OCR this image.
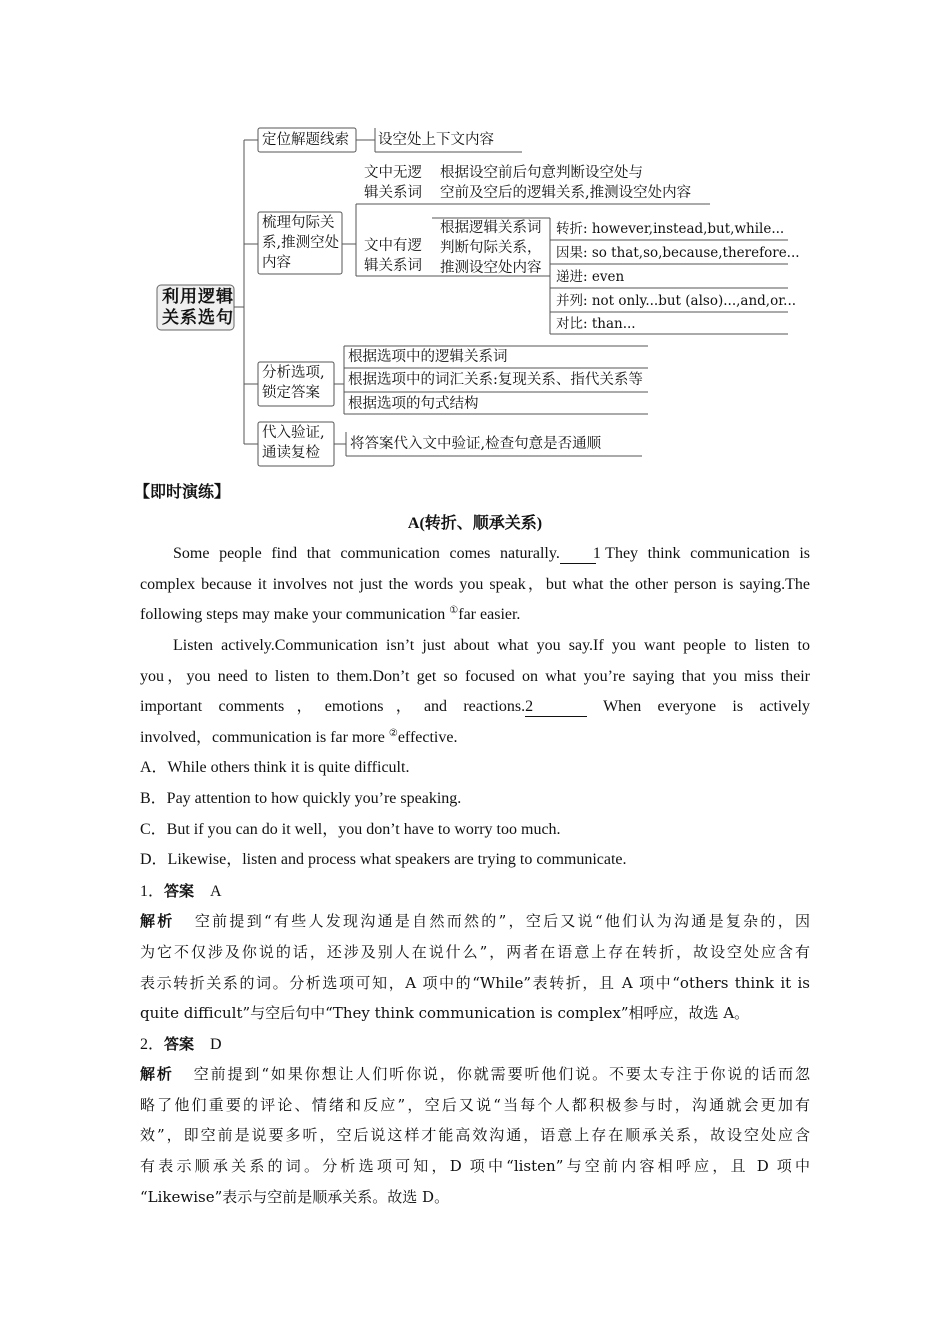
利用逻辑
关系选句
定位解题线索 设空处上下文内容
梳理句际关
系,推测空处
内容
文中无逻
辑关系词
根据设空前后句意判断设空处与
空前及空后的逻辑关系,推测设空处内容
文中有逻
辑关系词
根据逻辑关系词
判断句际关系，
推测设空处内容
转折: however,instead,but,while...
因果: so that,so,because,therefore...
递进: even
并列: not only...but (also)...,and,or...
对比: than...
分析选项,
锁定答案
根据选项中的逻辑关系词
根据选项中的词汇关系:复现关系、指代关系等
根据选项的句式结构
代入验证,
通读复检
将答案代入文中验证,检查句意是否通顺
【即时演练】
A(转折、顺承关系)
Some people find that communication comes naturally. 1 They think communication is
complex because it involves not just the words you speak，but what the other person is saying.The
following steps may make your communication ①far easier.
Listen actively.Communication isn’t just about what you say.If you want people to listen to
you，you need to listen to them.Don’t get so focused on what you’re saying that you miss their
important comments，emotions，and reactions.2	When everyone is actively
involved，communication is far more ②effective.
A．While others think it is quite difficult.
B．Pay attention to how quickly you’re speaking.
C．But if you can do it well，you don’t have to worry too much.
D．Likewise，listen and process what speakers are trying to communicate.
1．答案 A
解析 空前提到“有些人发现沟通是自然而然的”，空后又说“他们认为沟通是复杂的，因
为它不仅涉及你说的话，还涉及别人在说什么”，两者在语意上存在转折，故设空处应含有
表示转折关系的词。分析选项可知，A 项中的“While”表转折，且 A 项中“others think it is
quite difficult”与空后句中“They think communication is complex”相呼应，故选 A。
2．答案 D
解析 空前提到“如果你想让人们听你说，你就需要听他们说。不要太专注于你说的话而忽
略了他们重要的评论、情绪和反应”，空后又说“当每个人都积极参与时，沟通就会更加有
效”，即空前是说要多听，空后说这样才能高效沟通，语意上存在顺承关系，故设空处应含
有表示顺承关系的词。分析选项可知，D 项中“listen”与空前内容相呼应，且 D 项中
“Likewise”表示与空前是顺承关系。故选 D。
